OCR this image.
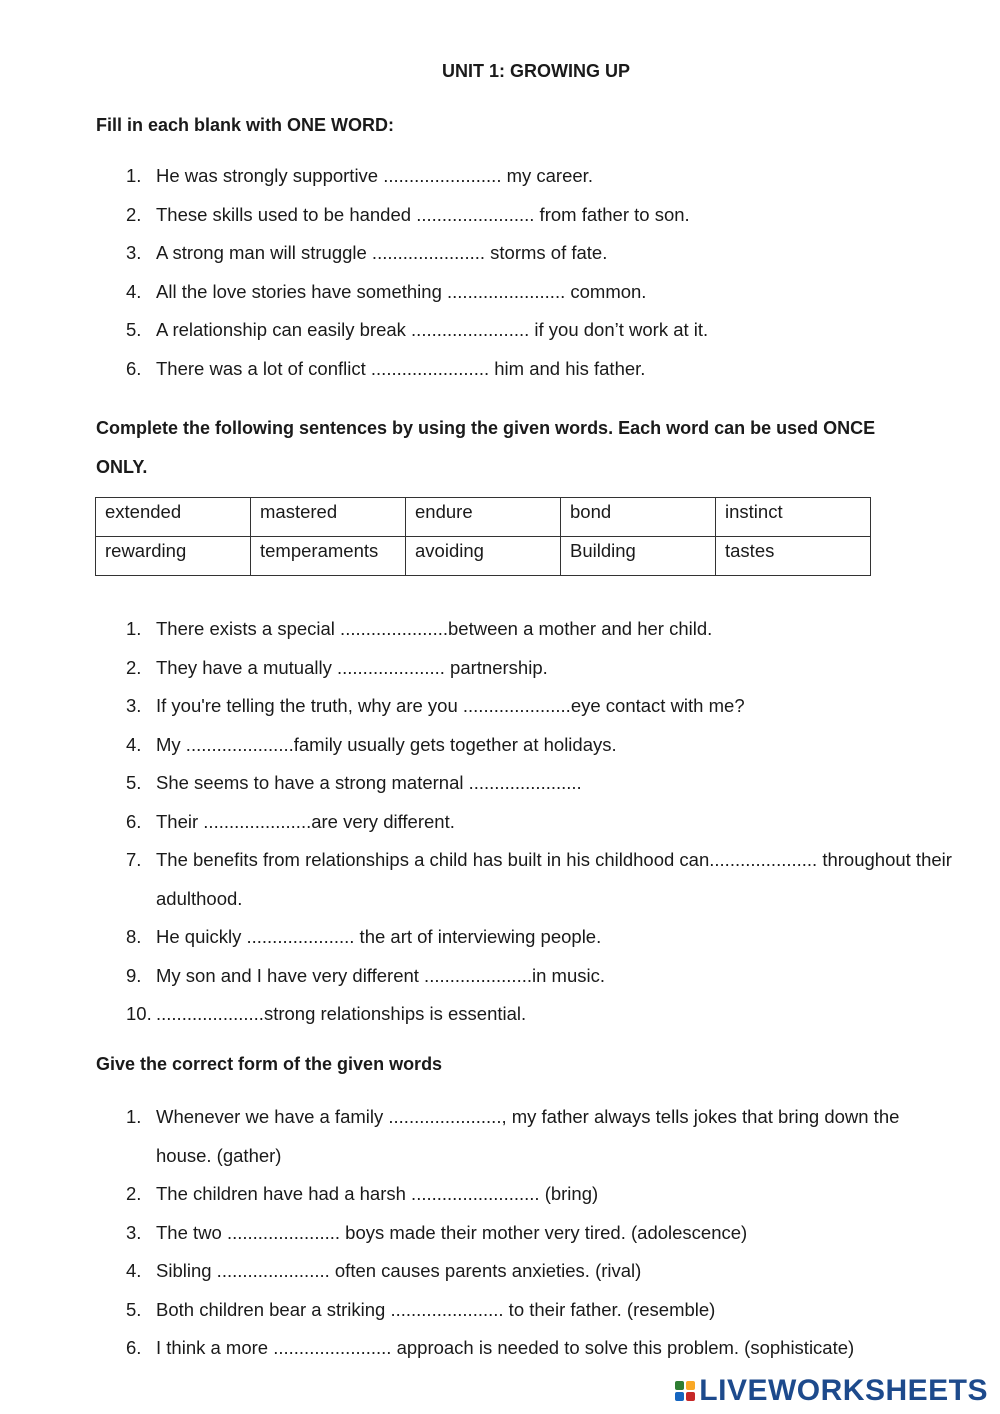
UNIT 1: GROWING UP
Fill in each blank with ONE WORD:
1. He was strongly supportive ....................... my career.
2. These skills used to be handed ....................... from father to son.
3. A strong man will struggle ...................... storms of fate.
4. All the love stories have something ....................... common.
5. A relationship can easily break ....................... if you don’t work at it.
6. There was a lot of conflict ....................... him and his father.
Complete the following sentences by using the given words. Each word can be used ONCE ONLY.
extended	mastered	endure	bond	instinct
rewarding	temperaments	avoiding	Building	tastes
1. There exists a special .....................between a mother and her child.
2. They have a mutually ..................... partnership.
3. If you're telling the truth, why are you .....................eye contact with me?
4. My .....................family usually gets together at holidays.
5. She seems to have a strong maternal ......................
6. Their .....................are very different.
7. The benefits from relationships a child has built in his childhood can..................... throughout their adulthood.
8. He quickly ..................... the art of interviewing people.
9. My son and I have very different .....................in music.
10. .....................strong relationships is essential.
Give the correct form of the given words
1. Whenever we have a family ......................, my father always tells jokes that bring down the house. (gather)
2. The children have had a harsh ......................... (bring)
3. The two ...................... boys made their mother very tired. (adolescence)
4. Sibling ...................... often causes parents anxieties. (rival)
5. Both children bear a striking ...................... to their father. (resemble)
6. I think a more ....................... approach is needed to solve this problem. (sophisticate)
LIVEWORKSHEETS
